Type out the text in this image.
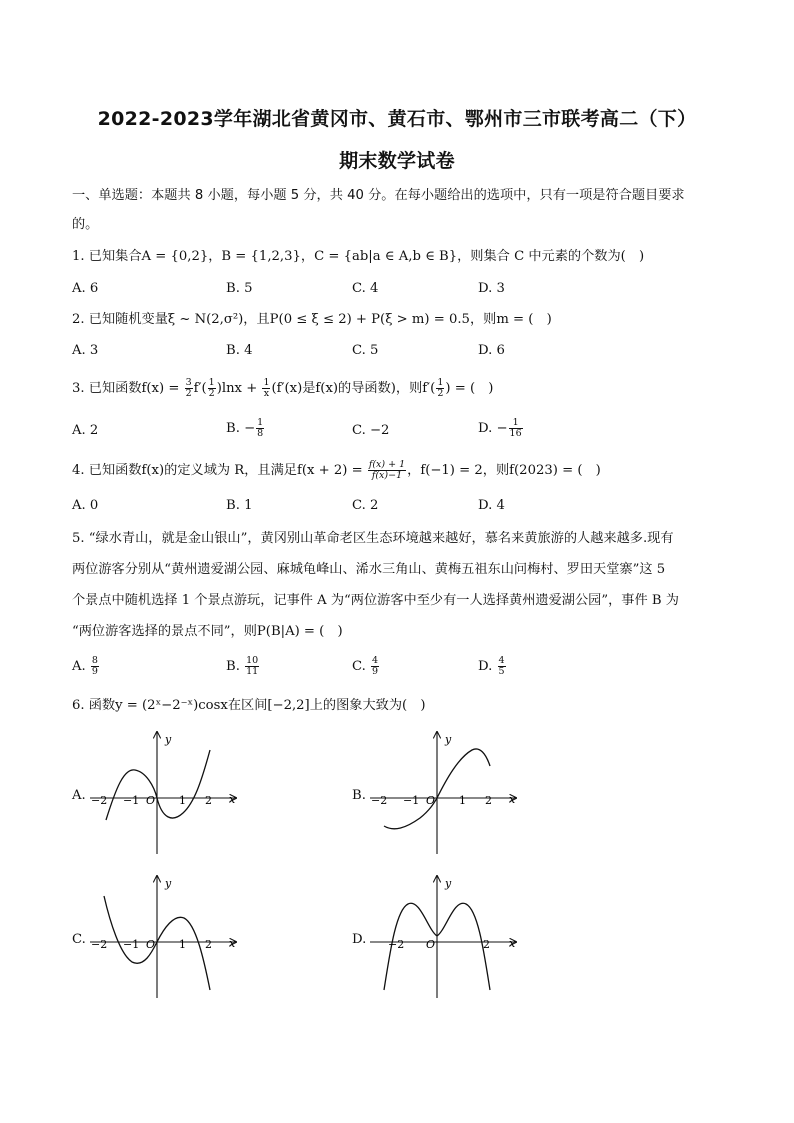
2022-2023学年湖北省黄冈市、黄石市、鄂州市三市联考高二（下）
期末数学试卷
一、单选题：本题共 8 小题，每小题 5 分，共 40 分。在每小题给出的选项中，只有一项是符合题目要求
的。
1. 已知集合A = {0,2}，B = {1,2,3}，C = {ab|a ∈ A,b ∈ B}，则集合 C 中元素的个数为(　)
A. 6	B. 5	C. 4	D. 3
2. 已知随机变量ξ ~ N(2,σ²)，且P(0 ≤ ξ ≤ 2) + P(ξ > m) = 0.5，则m = (　)
A. 3	B. 4	C. 5	D. 6
3. 已知函数$f(x) = \frac{3}{2} f'( \frac{1}{2} )\ln x + \frac{1}{x} (f'(x)$是f(x)的导函数)，则$f'( \frac{1}{2}$ ) = (　)
A. 2	B. − $\frac{1}{8}$	C. −2	D. − $\frac{1}{16}$
4. 已知函数f(x)的定义域为 R，且满足$f(x + 2) = \frac{f(x) + 1}{f(x)-1}$ ，f(−1) = 2，则f(2023) = (　)
A. 0	B. 1	C. 2	D. 4
5. “绿水青山，就是金山银山”，黄冈别山革命老区生态环境越来越好，慕名来黄旅游的人越来越多.现有
两位游客分别从“黄州遗爱湖公园、麻城龟峰山、浠水三角山、黄梅五祖东山问梅村、罗田天堂寨”这 5
个景点中随机选择 1 个景点游玩，记事件 A 为“两位游客中至少有一人选择黄州遗爱湖公园”，事件 B 为
“两位游客选择的景点不同”，则P(B|A) = (　)
A. $\frac{8}{9}$	B. $\frac{10}{11}$	C. $\frac{4}{9}$	D. $\frac{4}{5}$
6. 函数y = (2ˣ−2⁻ˣ)cosx在区间[−2,2]上的图象大致为(　)
A.	x
y
O
−2 −1	1 2	B.	x
y
O
−2 −1	1 2
C.	x
y
O
−2 −1	1 2	D.	x
y
O
−2	2
